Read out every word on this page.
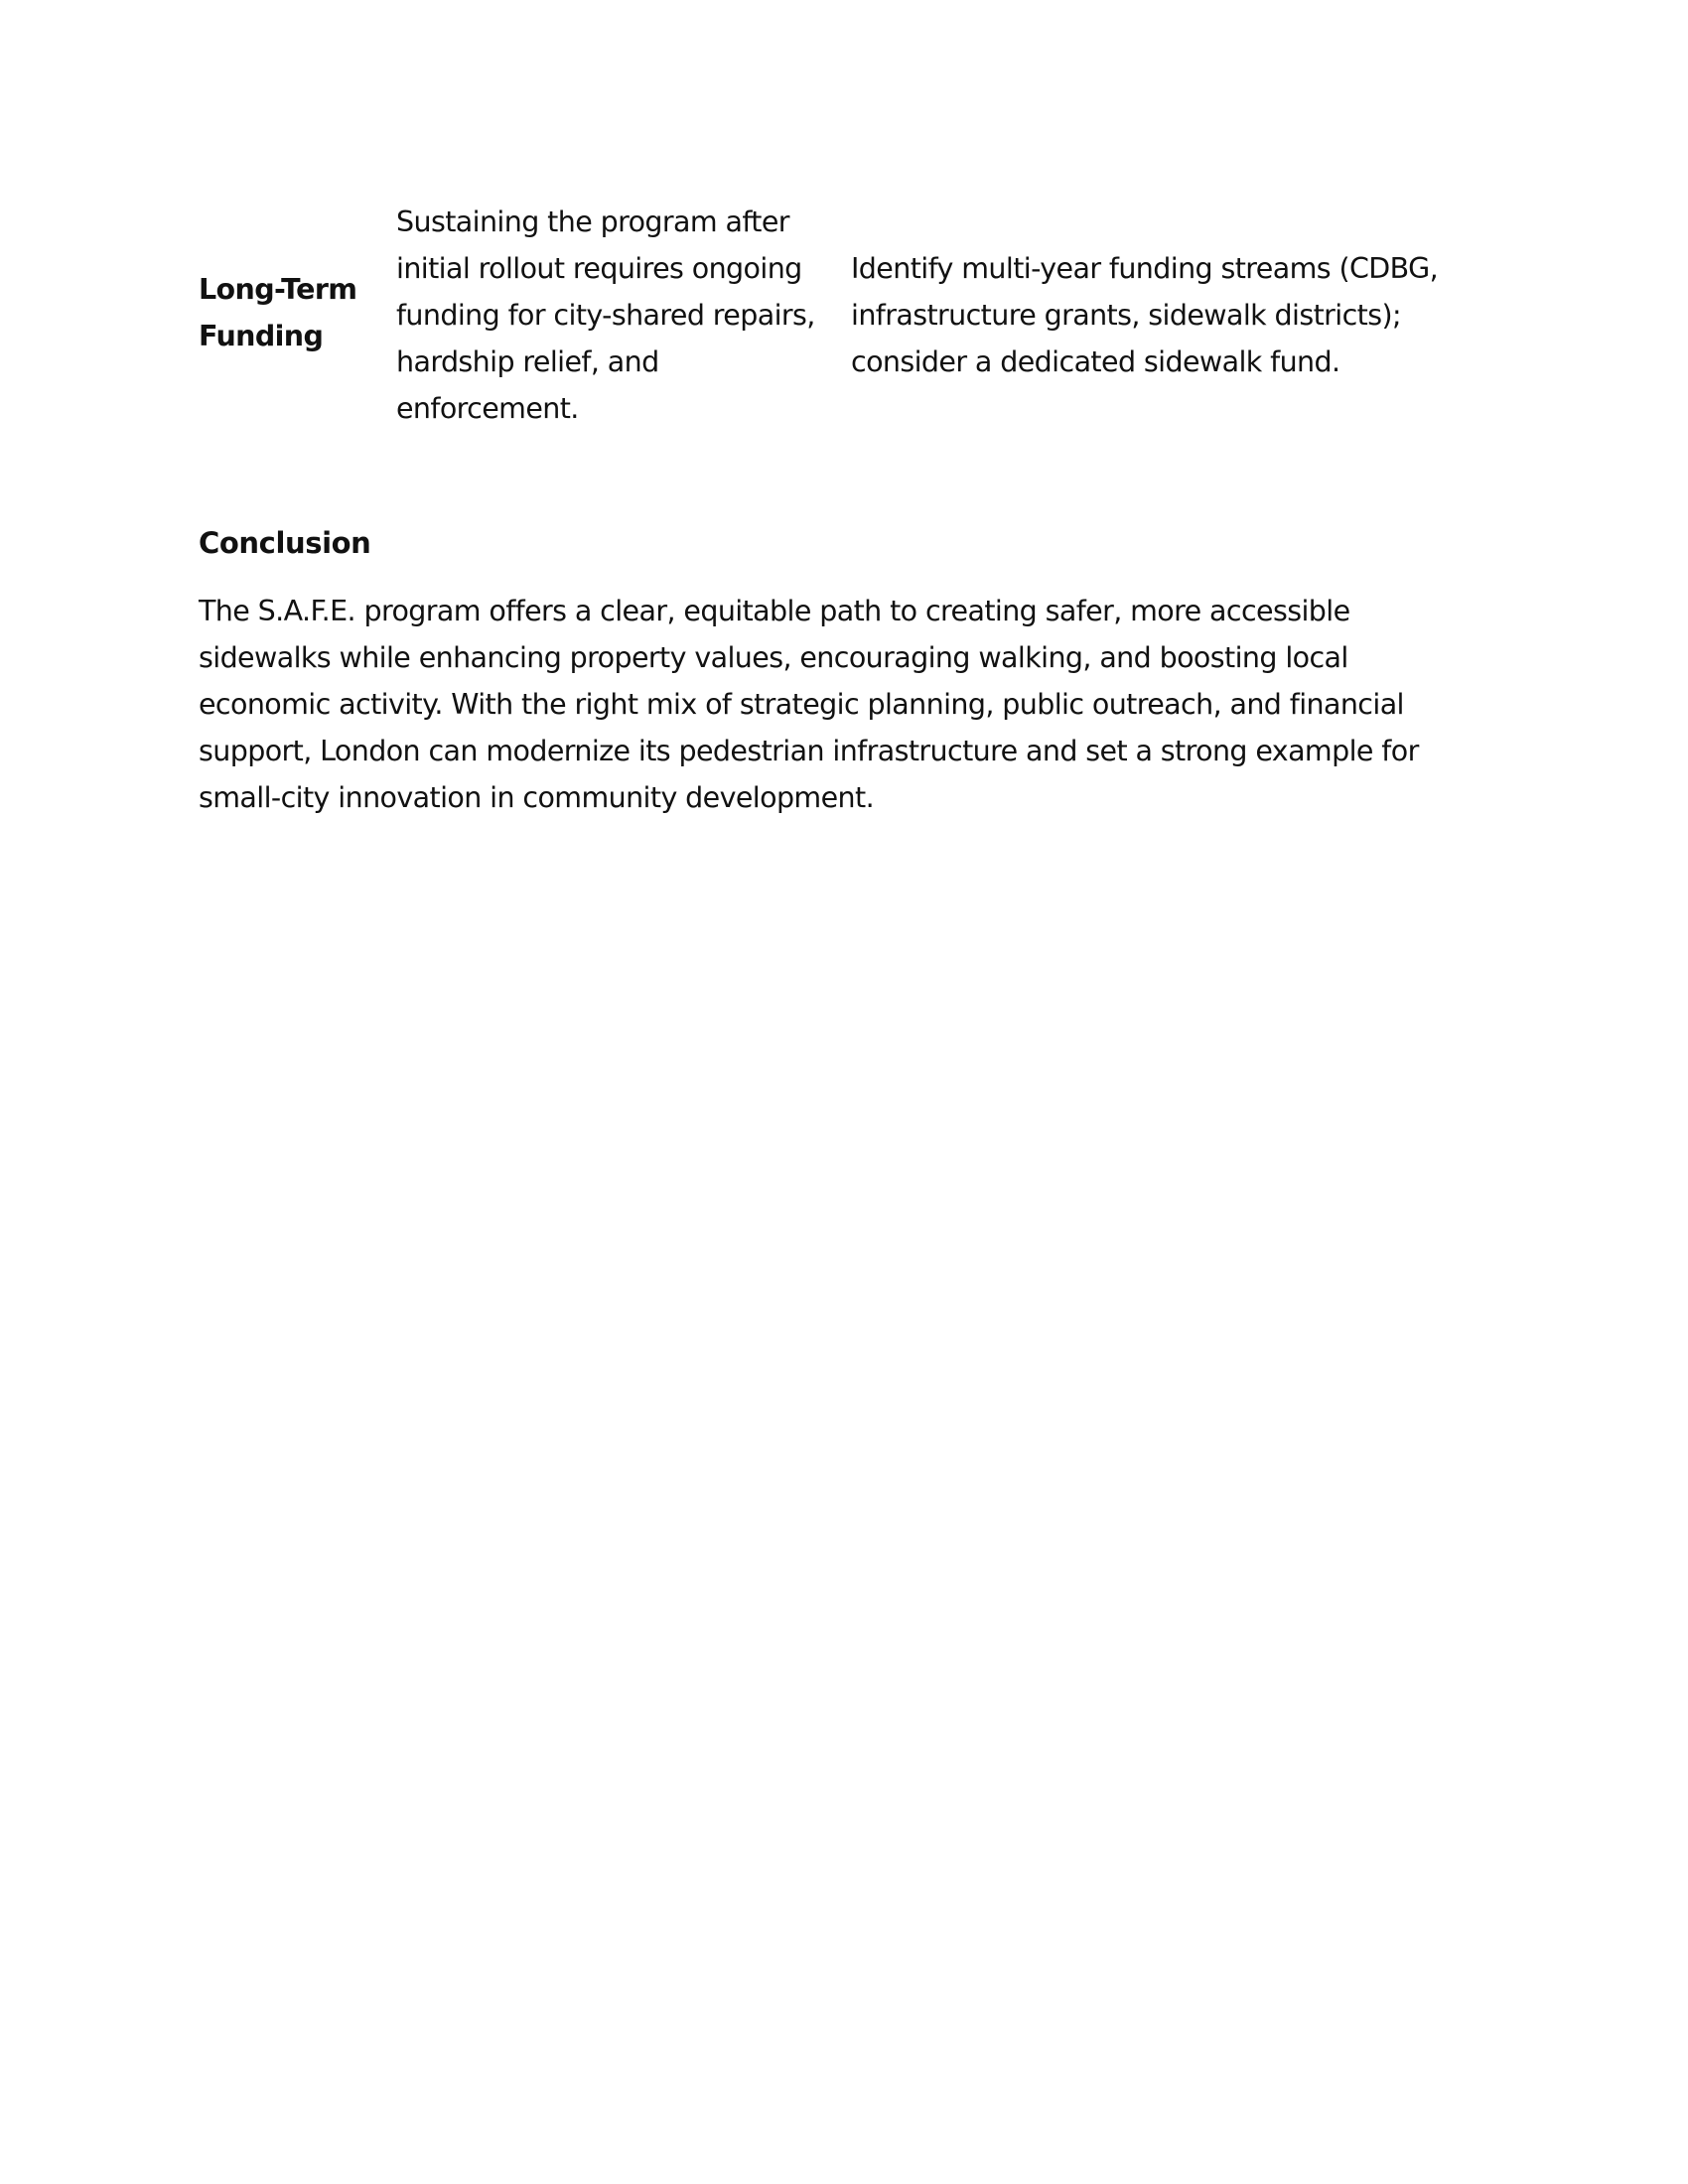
Long-Term
Funding
Sustaining the program after
initial rollout requires ongoing
funding for city-shared repairs,
hardship relief, and
enforcement.
Identify multi-year funding streams (CDBG,
infrastructure grants, sidewalk districts);
consider a dedicated sidewalk fund.
Conclusion

The S.A.F.E. program offers a clear, equitable path to creating safer, more accessible
sidewalks while enhancing property values, encouraging walking, and boosting local
economic activity. With the right mix of strategic planning, public outreach, and financial
support, London can modernize its pedestrian infrastructure and set a strong example for
small-city innovation in community development.
